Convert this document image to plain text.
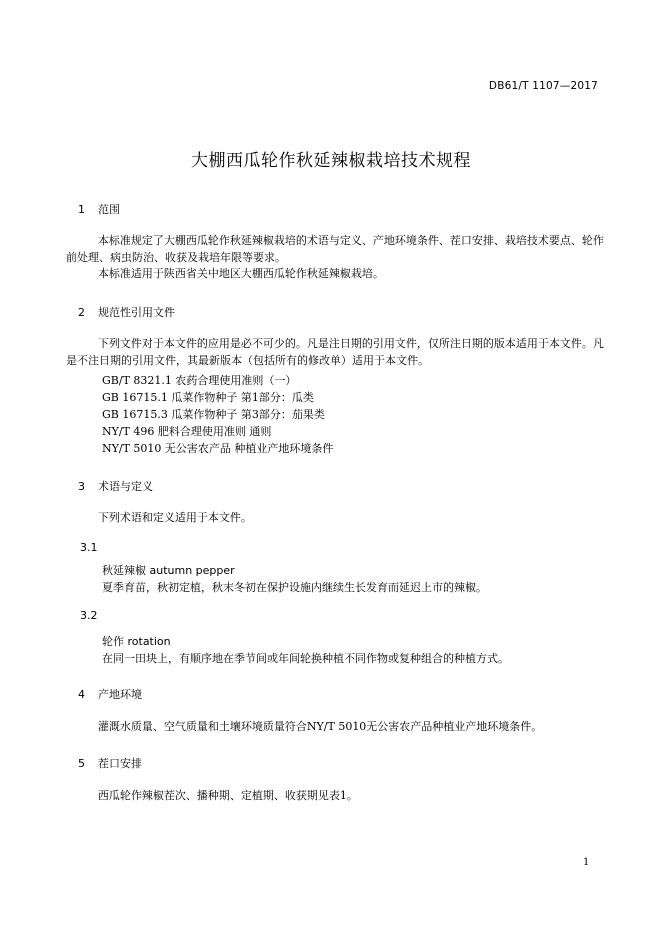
DB61/T 1107—2017
大棚西瓜轮作秋延辣椒栽培技术规程
1 范围
本标准规定了大棚西瓜轮作秋延辣椒栽培的术语与定义、产地环境条件、茬口安排、栽培技术要点、轮作前处理、病虫防治、收获及栽培年限等要求。
本标准适用于陕西省关中地区大棚西瓜轮作秋延辣椒栽培。
2 规范性引用文件
下列文件对于本文件的应用是必不可少的。凡是注日期的引用文件，仅所注日期的版本适用于本文件。凡是不注日期的引用文件，其最新版本（包括所有的修改单）适用于本文件。
GB/T 8321.1 农药合理使用准则（一）
GB 16715.1 瓜菜作物种子 第1部分：瓜类
GB 16715.3 瓜菜作物种子 第3部分：茄果类
NY/T 496 肥料合理使用准则 通则
NY/T 5010 无公害农产品 种植业产地环境条件
3 术语与定义
下列术语和定义适用于本文件。
3.1
秋延辣椒 autumn pepper
夏季育苗，秋初定植，秋末冬初在保护设施内继续生长发育而延迟上市的辣椒。
3.2
轮作 rotation
在同一田块上，有顺序地在季节间或年间轮换种植不同作物或复种组合的种植方式。
4 产地环境
灌溉水质量、空气质量和土壤环境质量符合NY/T 5010无公害农产品种植业产地环境条件。
5 茬口安排
西瓜轮作辣椒茬次、播种期、定植期、收获期见表1。
1
